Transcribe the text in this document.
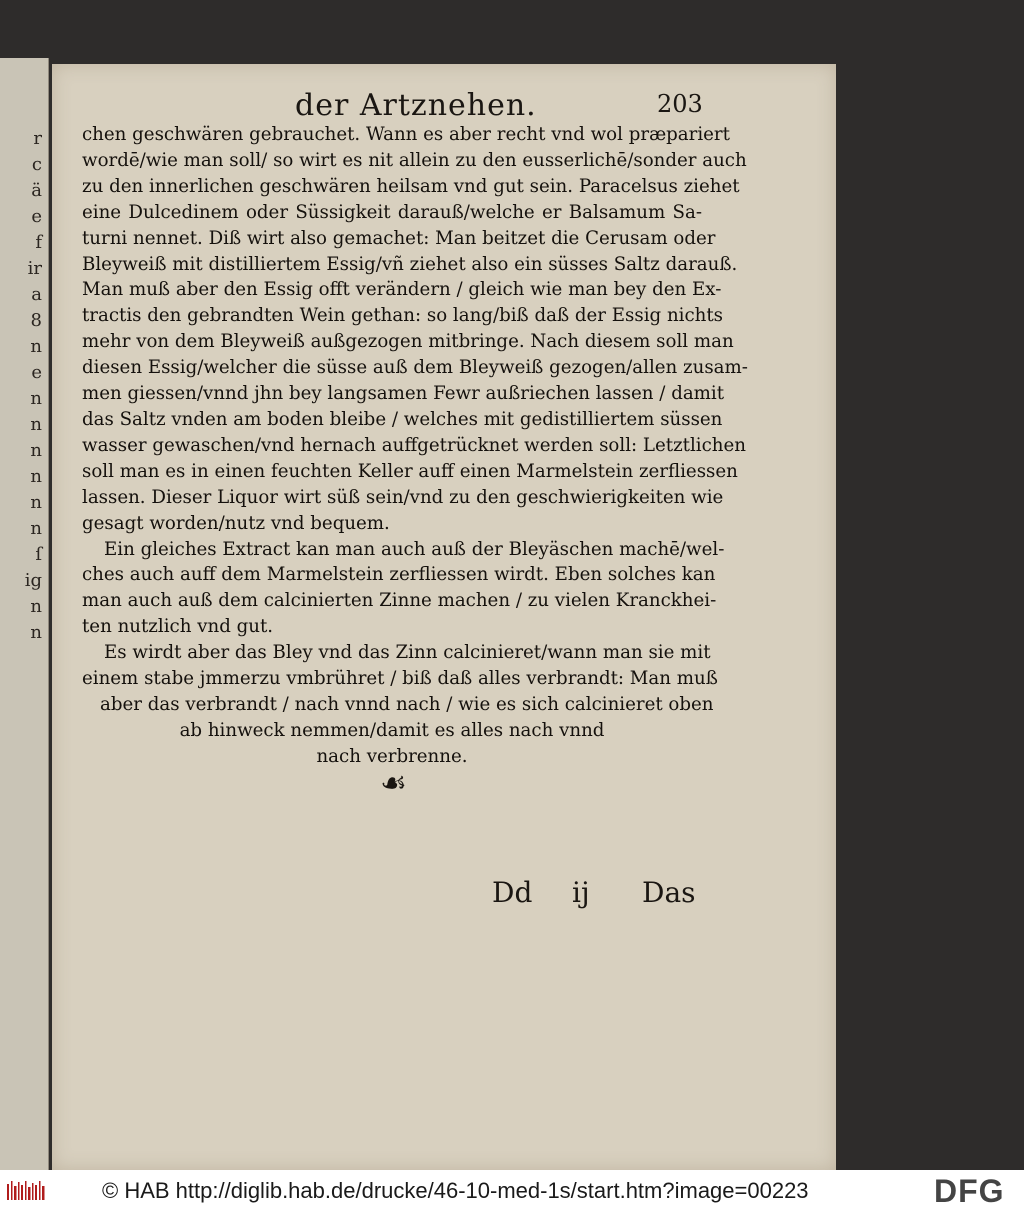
r
c
ä
e
f
ir
a
8
n
e
n
n
n
n
n
n
ſ
ig
n
n
der Artznehen.	203
chen geschwären gebrauchet. Wann es aber recht vnd wol præpariert
wordē/wie man soll/ so wirt es nit allein zu den eusserlichē/sonder auch
zu den innerlichen geschwären heilsam vnd gut sein. Paracelsus ziehet
eine Dulcedinem oder Süssigkeit darauß/welche er Balsamum Sa-
turni nennet. Diß wirt also gemachet: Man beitzet die Cerusam oder
Bleyweiß mit distilliertem Essig/vñ ziehet also ein süsses Saltz darauß.
Man muß aber den Essig offt verändern / gleich wie man bey den Ex-
tractis den gebrandten Wein gethan: so lang/biß daß der Essig nichts
mehr von dem Bleyweiß außgezogen mitbringe. Nach diesem soll man
diesen Essig/welcher die süsse auß dem Bleyweiß gezogen/allen zusam-
men giessen/vnnd jhn bey langsamen Fewr außriechen lassen / damit
das Saltz vnden am boden bleibe / welches mit gedistilliertem süssen
wasser gewaschen/vnd hernach auffgetrücknet werden soll: Letztlichen
soll man es in einen feuchten Keller auff einen Marmelstein zerfliessen
lassen. Dieser Liquor wirt süß sein/vnd zu den geschwierigkeiten wie
gesagt worden/nutz vnd bequem.
Ein gleiches Extract kan man auch auß der Bleyäschen machē/wel-
ches auch auff dem Marmelstein zerfliessen wirdt. Eben solches kan
man auch auß dem calcinierten Zinne machen / zu vielen Kranckhei-
ten nutzlich vnd gut.
Es wirdt aber das Bley vnd das Zinn calcinieret/wann man sie mit
einem stabe jmmerzu vmbrühret / biß daß alles verbrandt: Man muß
aber das verbrandt / nach vnnd nach / wie es sich calcinieret oben
ab hinweck nemmen/damit es alles nach vnnd
nach verbrenne.
☙
Dd ij Das
© HAB http://diglib.hab.de/drucke/46-10-med-1s/start.htm?image=00223	DFG
